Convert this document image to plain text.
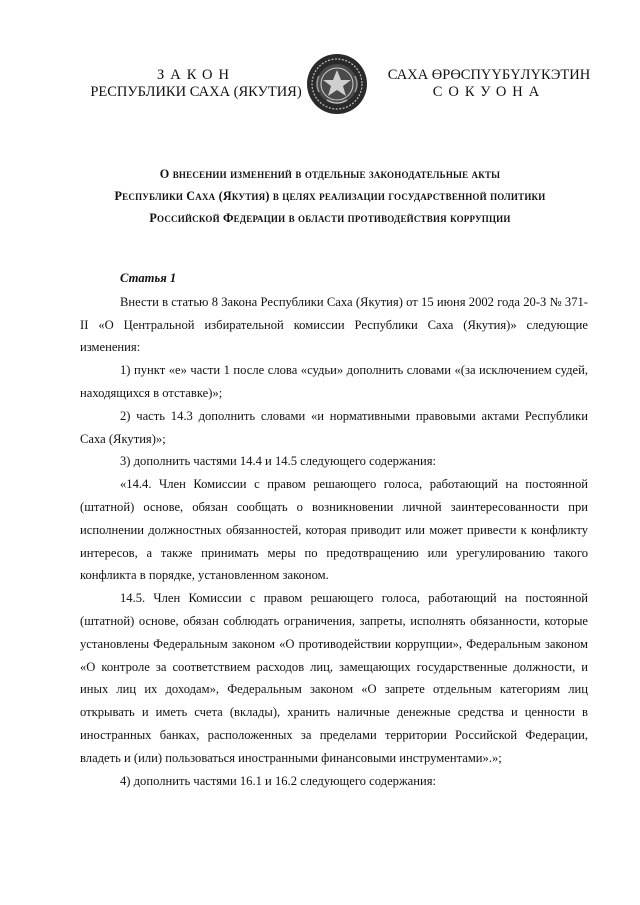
ЗАКОН
РЕСПУБЛИКИ САХА (ЯКУТИЯ)
САХА ӨРӨСПҮҮБҮЛҮКЭТИН
СОКУОНА
О внесении изменений в отдельные законодательные акты
Республики Саха (Якутия) в целях реализации государственной политики
Российской Федерации в области противодействия коррупции

Статья 1

Внести в статью 8 Закона Республики Саха (Якутия) от 15 июня 2002 года 20-З № 371-II «О Центральной избирательной комиссии Республики Саха (Якутия)» следующие изменения:

1) пункт «е» части 1 после слова «судьи» дополнить словами «(за исключением судей, находящихся в отставке)»;

2) часть 14.3 дополнить словами «и нормативными правовыми актами Республики Саха (Якутия)»;

3) дополнить частями 14.4 и 14.5 следующего содержания:

«14.4. Член Комиссии с правом решающего голоса, работающий на постоянной (штатной) основе, обязан сообщать о возникновении личной заинтересованности при исполнении должностных обязанностей, которая приводит или может привести к конфликту интересов, а также принимать меры по предотвращению или урегулированию такого конфликта в порядке, установленном законом.

14.5. Член Комиссии с правом решающего голоса, работающий на постоянной (штатной) основе, обязан соблюдать ограничения, запреты, исполнять обязанности, которые установлены Федеральным законом «О противодействии коррупции», Федеральным законом «О контроле за соответствием расходов лиц, замещающих государственные должности, и иных лиц их доходам», Федеральным законом «О запрете отдельным категориям лиц открывать и иметь счета (вклады), хранить наличные денежные средства и ценности в иностранных банках, расположенных за пределами территории Российской Федерации, владеть и (или) пользоваться иностранными финансовыми инструментами».»;

4) дополнить частями 16.1 и 16.2 следующего содержания:
